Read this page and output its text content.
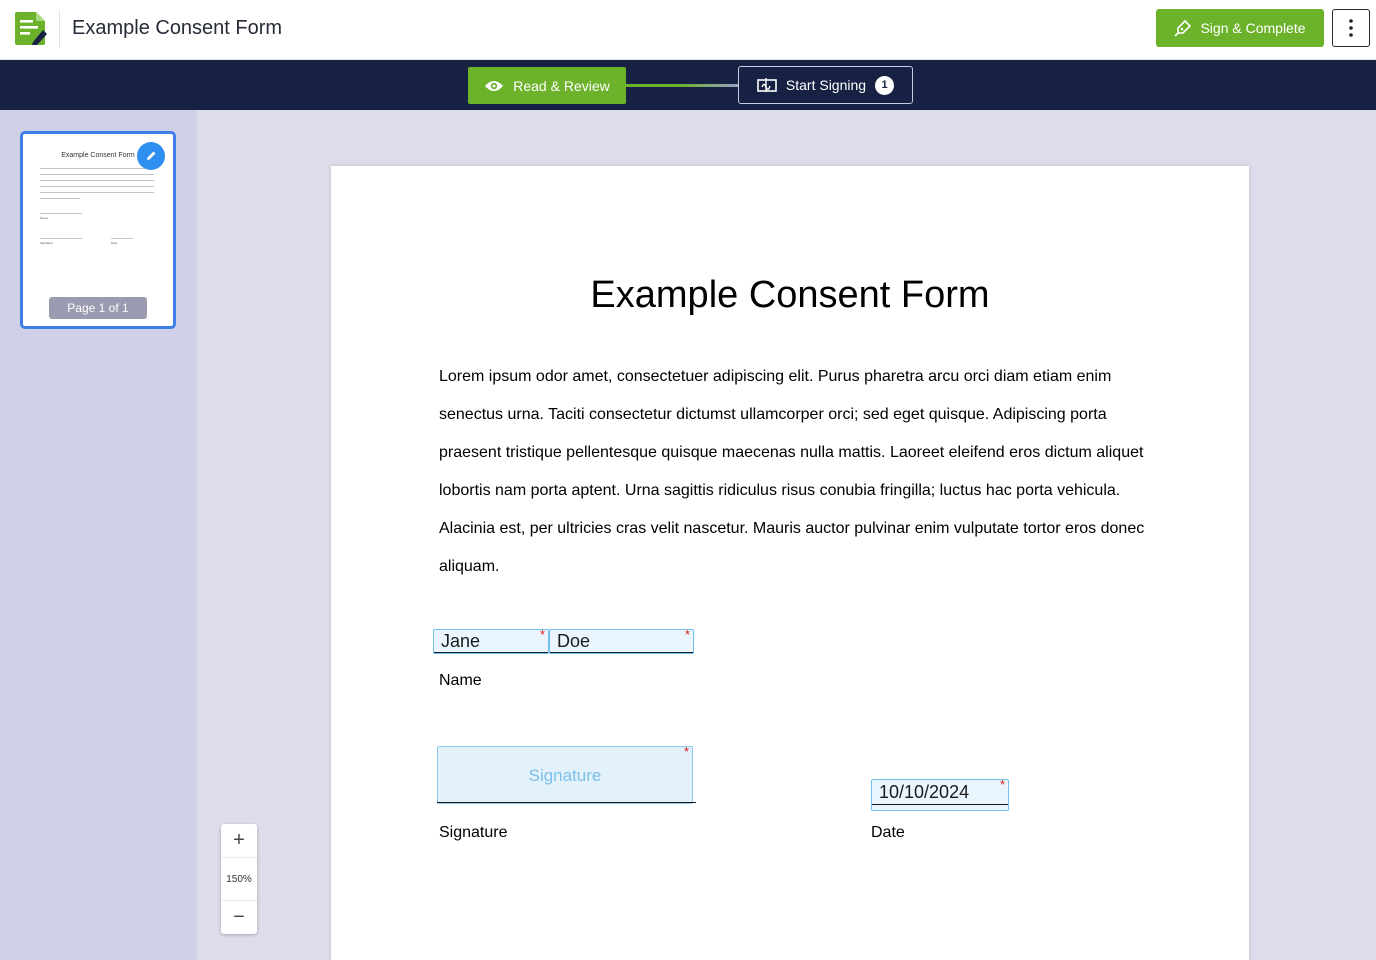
Example Consent Form	Sign & Complete
Read & Review	Start Signing	1
Example Consent Form
Name
Signature	Date
Page 1 of 1
+
150%
−
Example Consent Form
Lorem ipsum odor amet, consectetuer adipiscing elit. Purus pharetra arcu orci diam etiam enim senectus urna. Taciti consectetur dictumst ullamcorper orci; sed eget quisque. Adipiscing porta praesent tristique pellentesque quisque maecenas nulla mattis. Laoreet eleifend eros dictum aliquet lobortis nam porta aptent. Urna sagittis ridiculus risus conubia fringilla; luctus hac porta vehicula. Alacinia est, per ultricies cras velit nascetur. Mauris auctor pulvinar enim vulputate tortor eros donec aliquam.
Jane
*
Doe	*
Name
Signature
*
Signature
10/10/2024
*
Date
